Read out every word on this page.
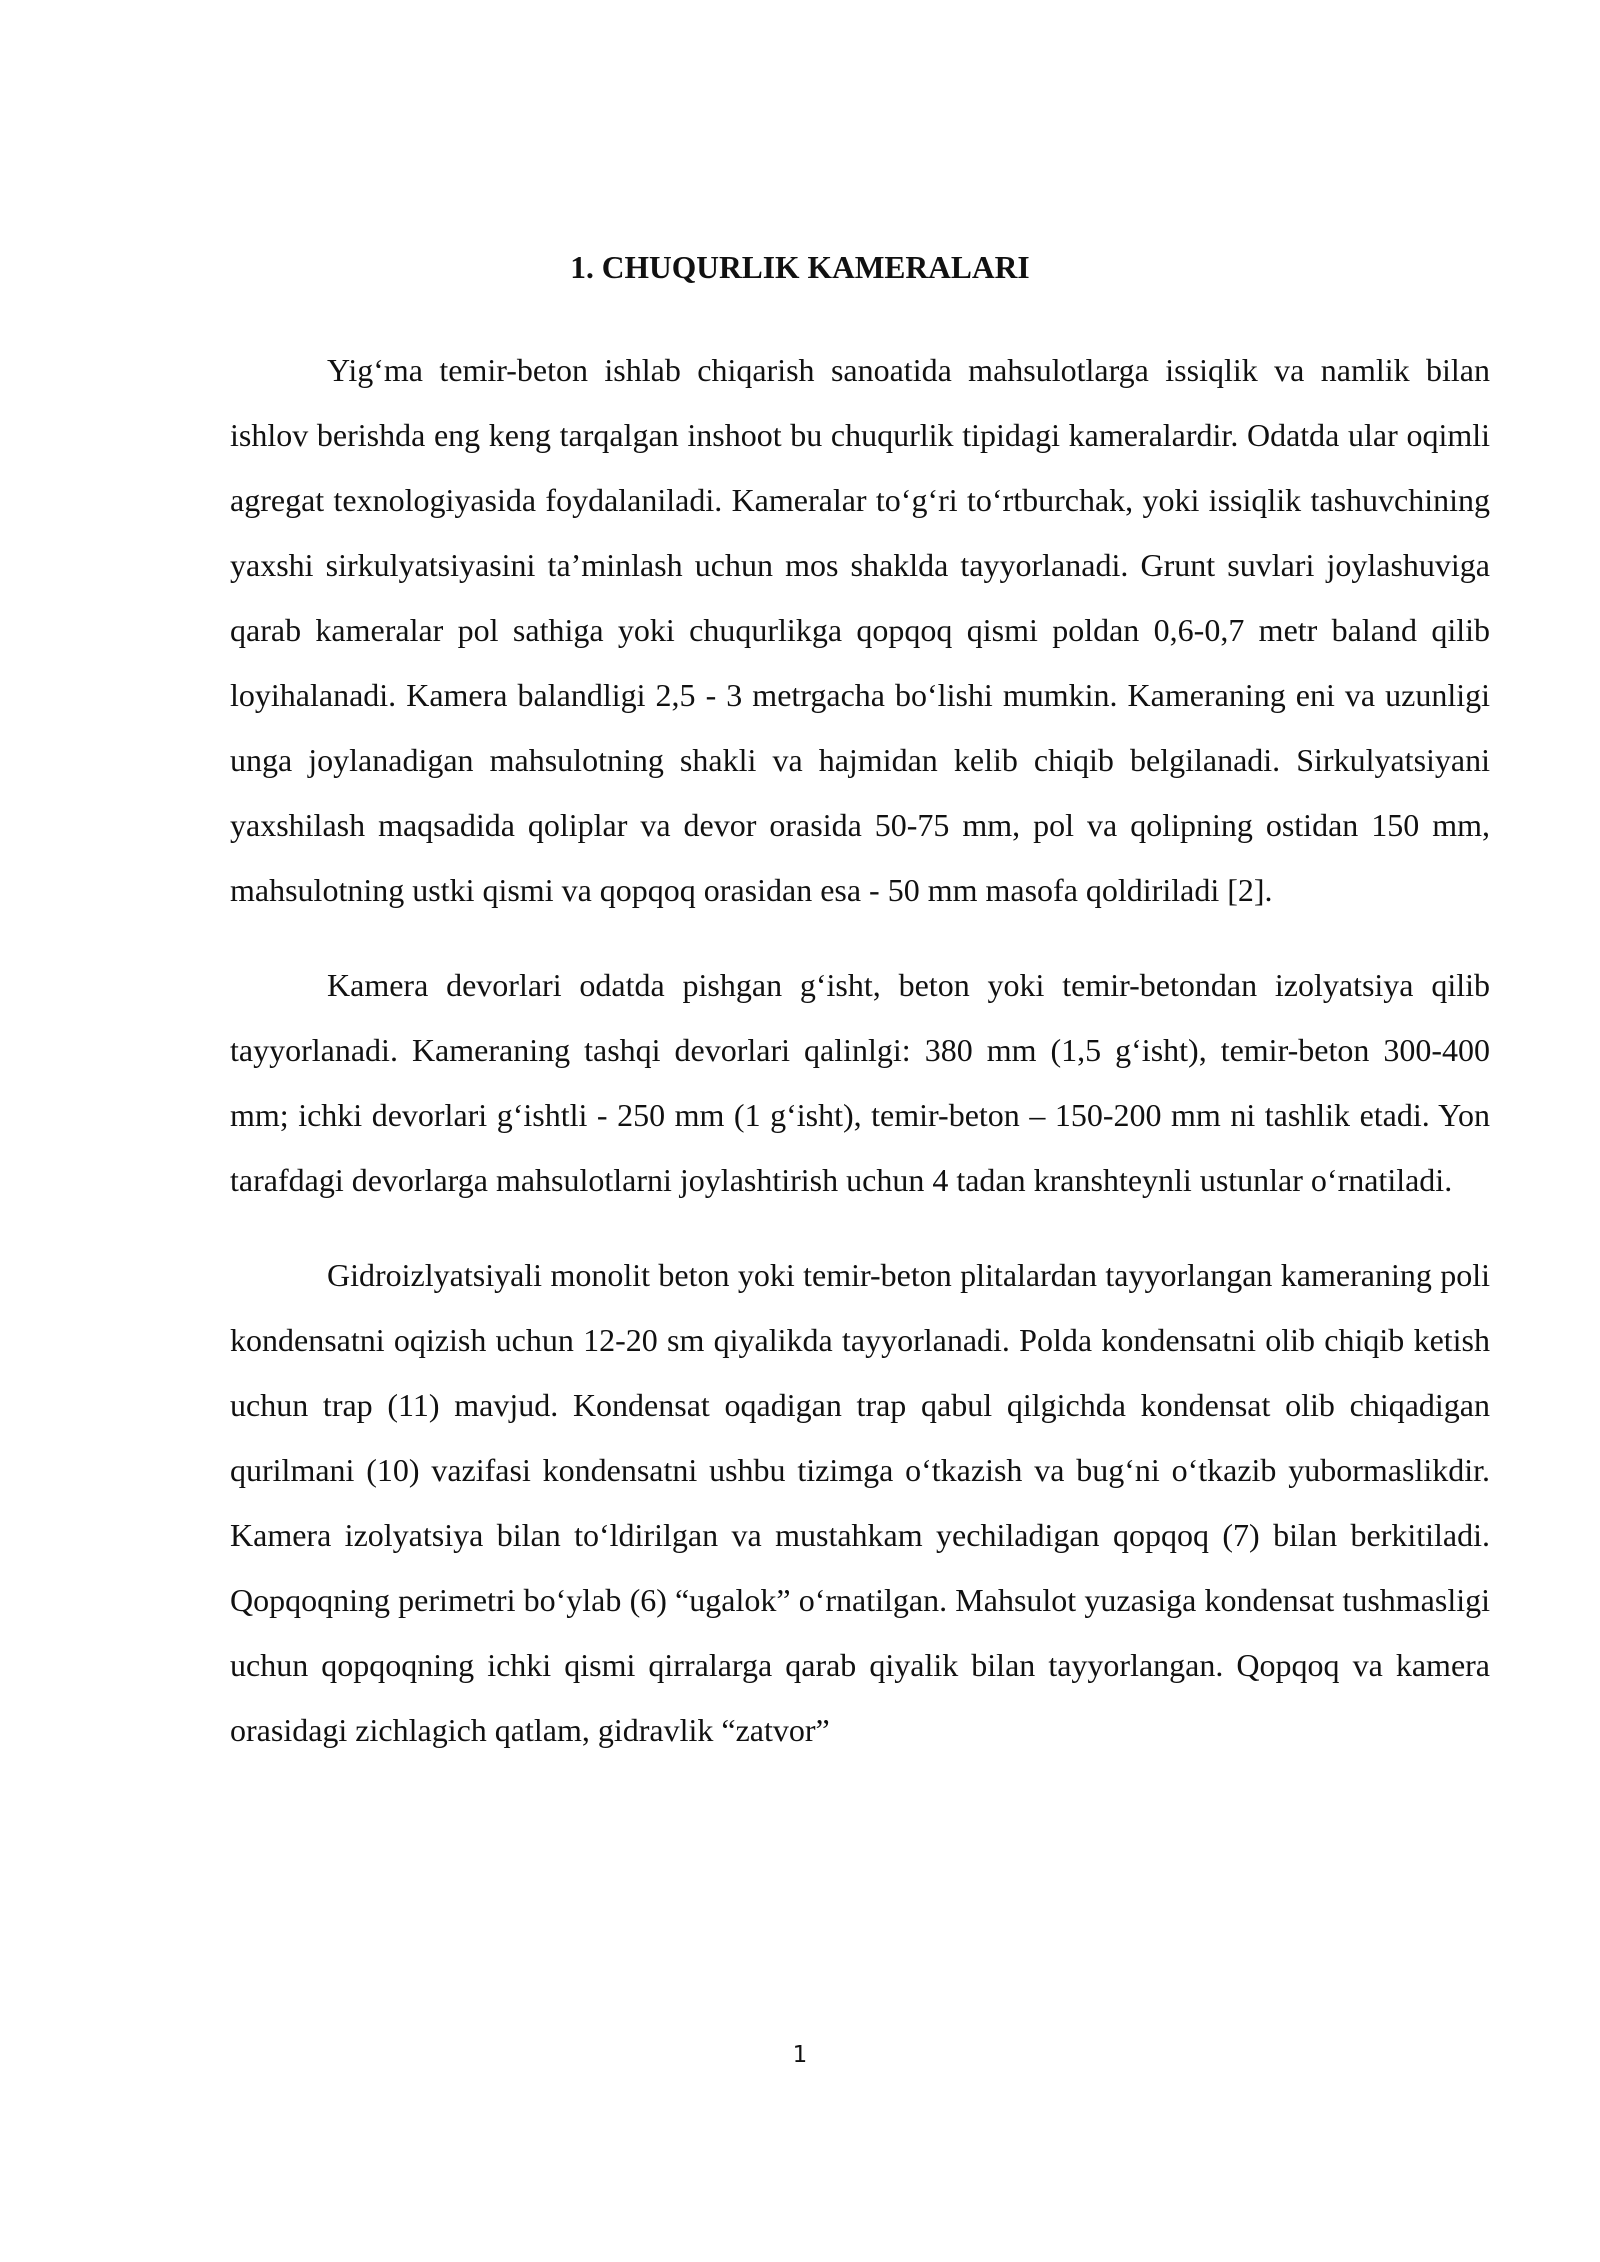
1. CHUQURLIK KAMERALARI

Yig‘ma temir-beton ishlab chiqarish sanoatida mahsulotlarga issiqlik va namlik bilan ishlov berishda eng keng tarqalgan inshoot bu chuqurlik tipidagi kameralardir. Odatda ular oqimli agregat texnologiyasida foydalaniladi. Kameralar to‘g‘ri to‘rtburchak, yoki issiqlik tashuvchining yaxshi sirkulyatsiyasini ta’minlash uchun mos shaklda tayyorlanadi. Grunt suvlari joylashuviga qarab kameralar pol sathiga yoki chuqurlikga qopqoq qismi poldan 0,6-0,7 metr baland qilib loyihalanadi. Kamera balandligi 2,5 - 3 metrgacha bo‘lishi mumkin. Kameraning eni va uzunligi unga joylanadigan mahsulotning shakli va hajmidan kelib chiqib belgilanadi. Sirkulyatsiyani yaxshilash maqsadida qoliplar va devor orasida 50-75 mm, pol va qolipning ostidan 150 mm, mahsulotning ustki qismi va qopqoq orasidan esa - 50 mm masofa qoldiriladi [2].

Kamera devorlari odatda pishgan g‘isht, beton yoki temir-betondan izolyatsiya qilib tayyorlanadi. Kameraning tashqi devorlari qalinlgi: 380 mm (1,5 g‘isht), temir-beton 300-400 mm; ichki devorlari g‘ishtli - 250 mm (1 g‘isht), temir-beton – 150-200 mm ni tashlik etadi. Yon tarafdagi devorlarga mahsulotlarni joylashtirish uchun 4 tadan kranshteynli ustunlar o‘rnatiladi.

Gidroizlyatsiyali monolit beton yoki temir-beton plitalardan tayyorlangan kameraning poli kondensatni oqizish uchun 12-20 sm qiyalikda tayyorlanadi. Polda kondensatni olib chiqib ketish uchun trap (11) mavjud. Kondensat oqadigan trap qabul qilgichda kondensat olib chiqadigan qurilmani (10) vazifasi kondensatni ushbu tizimga o‘tkazish va bug‘ni o‘tkazib yubormaslikdir. Kamera izolyatsiya bilan to‘ldirilgan va mustahkam yechiladigan qopqoq (7) bilan berkitiladi. Qopqoqning perimetri bo‘ylab (6) “ugalok” o‘rnatilgan. Mahsulot yuzasiga kondensat tushmasligi uchun qopqoqning ichki qismi qirralarga qarab qiyalik bilan tayyorlangan. Qopqoq va kamera orasidagi zichlagich qatlam, gidravlik “zatvor”

1
